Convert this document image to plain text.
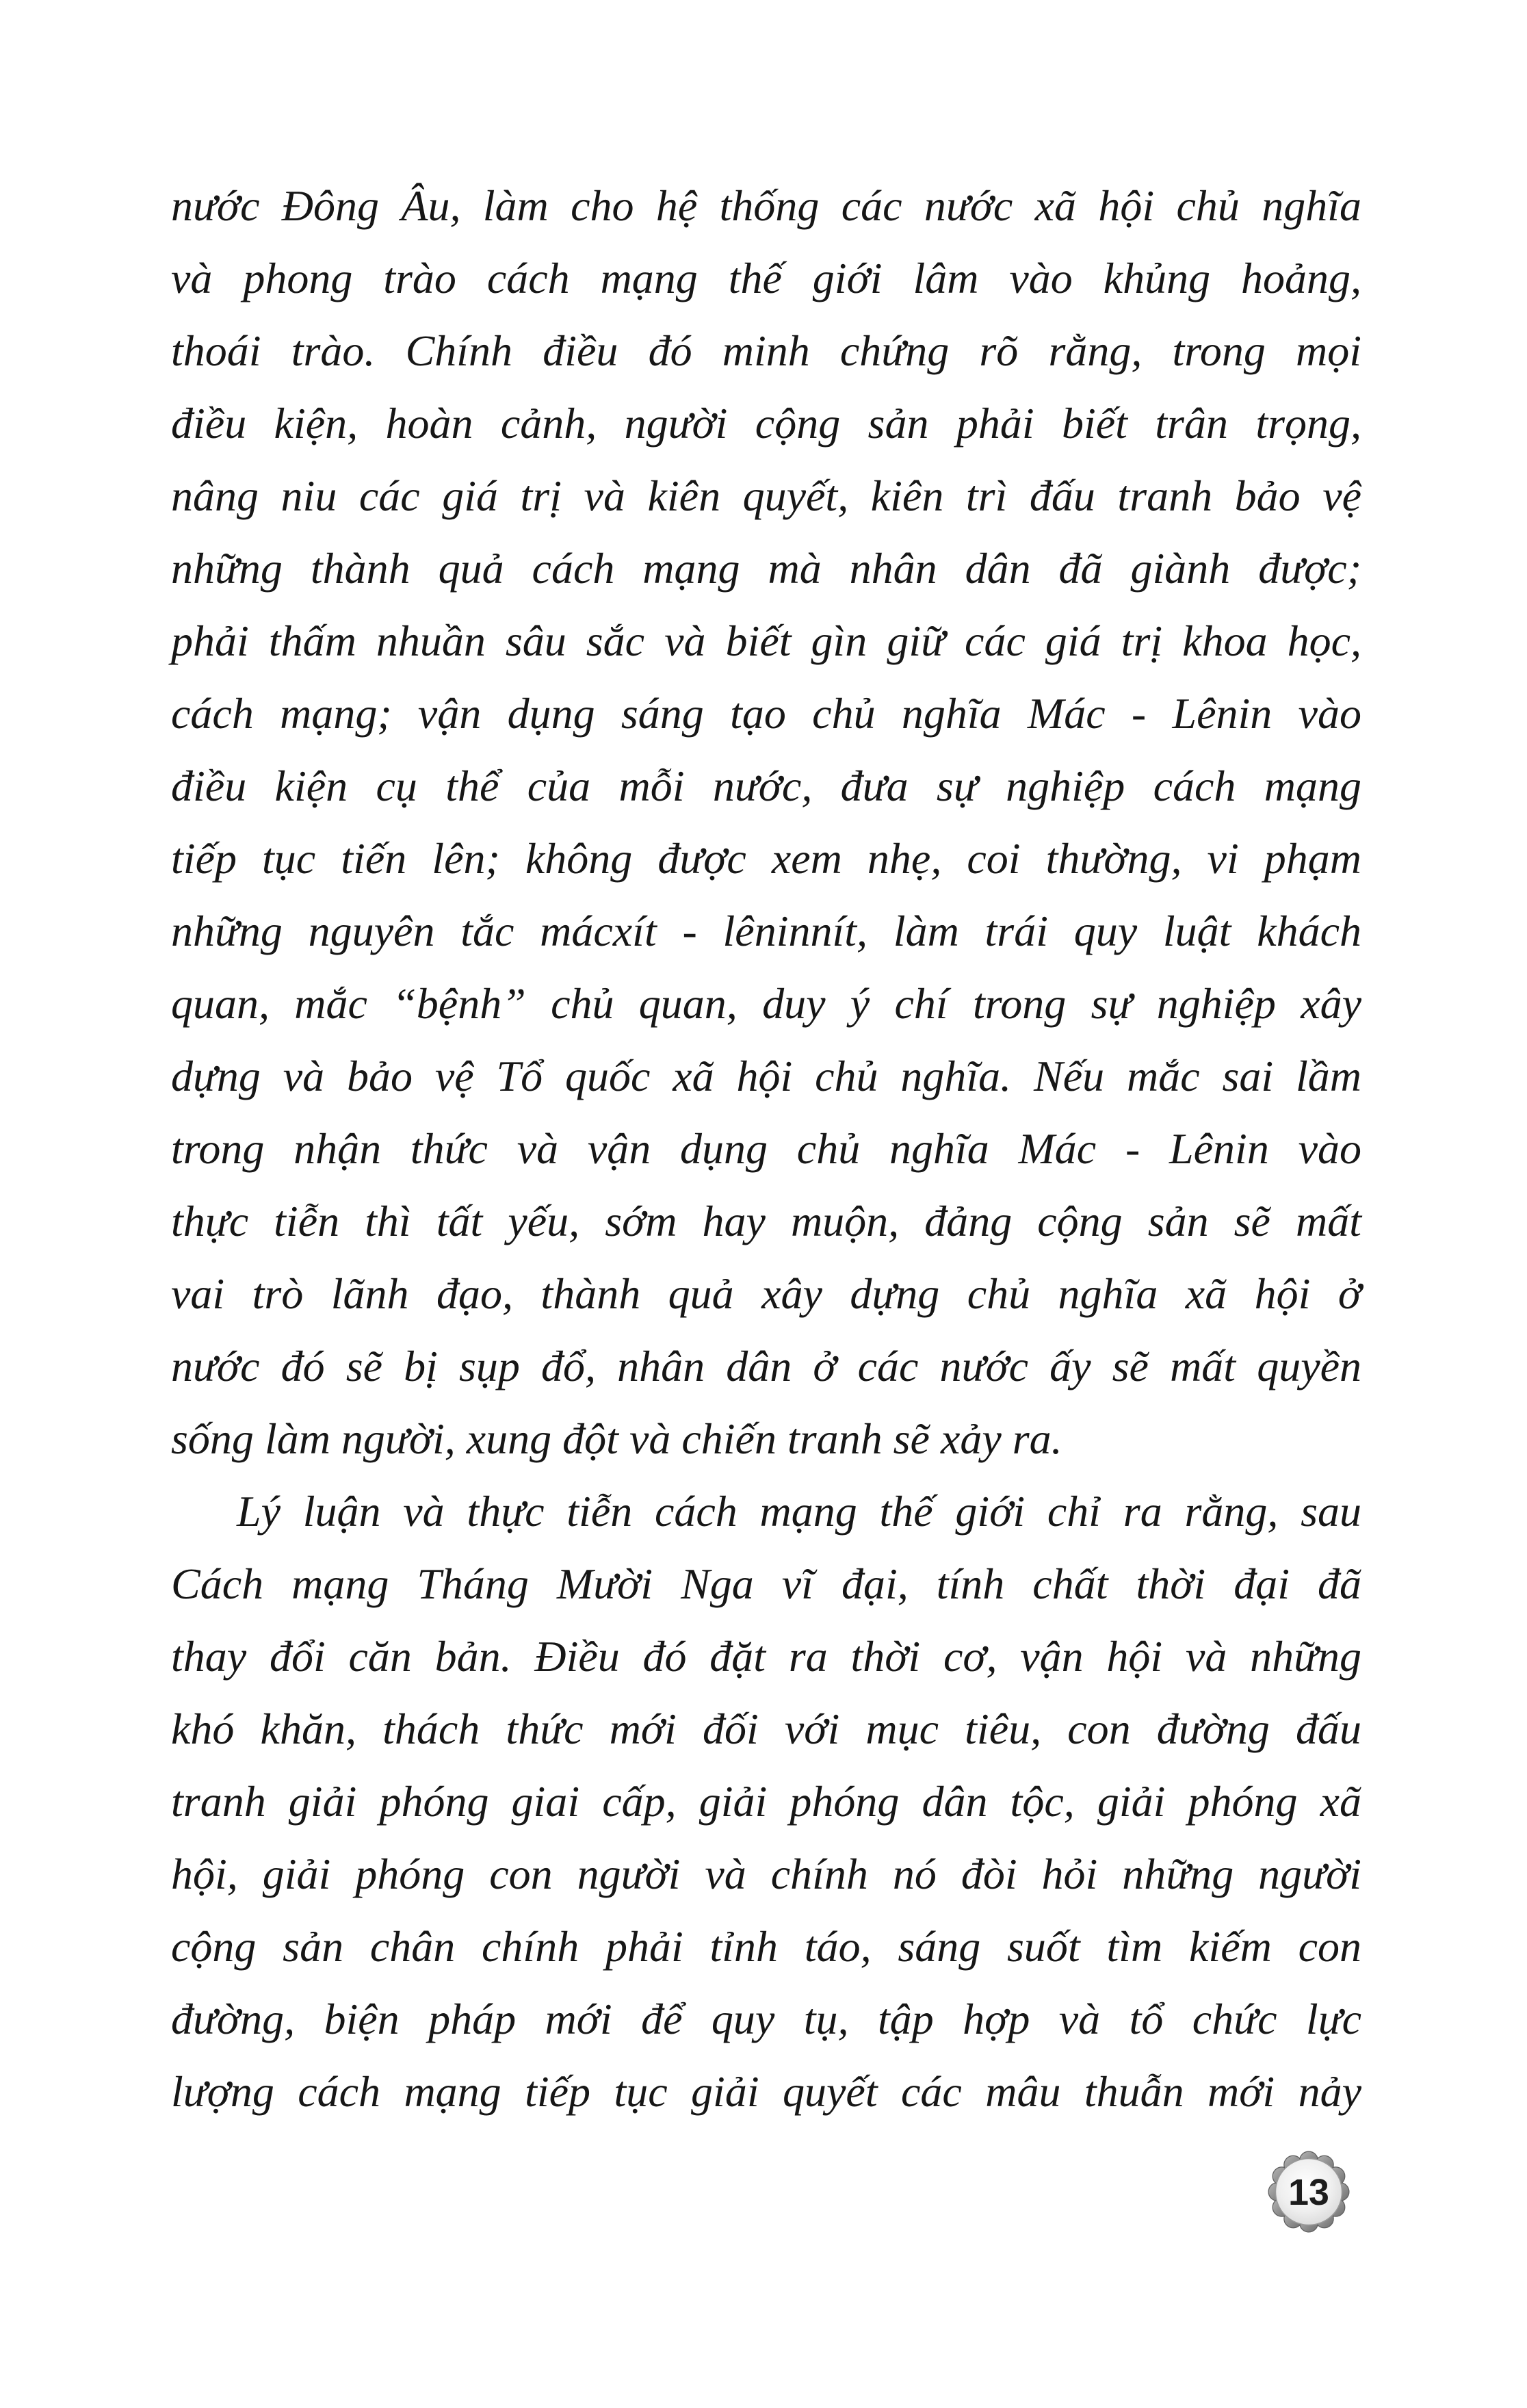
nước Đông Âu, làm cho hệ thống các nước xã hội chủ nghĩa
và phong trào cách mạng thế giới lâm vào khủng hoảng,
thoái trào. Chính điều đó minh chứng rõ rằng, trong mọi
điều kiện, hoàn cảnh, người cộng sản phải biết trân trọng,
nâng niu các giá trị và kiên quyết, kiên trì đấu tranh bảo vệ
những thành quả cách mạng mà nhân dân đã giành được;
phải thấm nhuần sâu sắc và biết gìn giữ các giá trị khoa học,
cách mạng; vận dụng sáng tạo chủ nghĩa Mác - Lênin vào
điều kiện cụ thể của mỗi nước, đưa sự nghiệp cách mạng
tiếp tục tiến lên; không được xem nhẹ, coi thường, vi phạm
những nguyên tắc mácxít - lêninnít, làm trái quy luật khách
quan, mắc “bệnh” chủ quan, duy ý chí trong sự nghiệp xây
dựng và bảo vệ Tổ quốc xã hội chủ nghĩa. Nếu mắc sai lầm
trong nhận thức và vận dụng chủ nghĩa Mác - Lênin vào
thực tiễn thì tất yếu, sớm hay muộn, đảng cộng sản sẽ mất
vai trò lãnh đạo, thành quả xây dựng chủ nghĩa xã hội ở
nước đó sẽ bị sụp đổ, nhân dân ở các nước ấy sẽ mất quyền
sống làm người, xung đột và chiến tranh sẽ xảy ra.
Lý luận và thực tiễn cách mạng thế giới chỉ ra rằng, sau
Cách mạng Tháng Mười Nga vĩ đại, tính chất thời đại đã
thay đổi căn bản. Điều đó đặt ra thời cơ, vận hội và những
khó khăn, thách thức mới đối với mục tiêu, con đường đấu
tranh giải phóng giai cấp, giải phóng dân tộc, giải phóng xã
hội, giải phóng con người và chính nó đòi hỏi những người
cộng sản chân chính phải tỉnh táo, sáng suốt tìm kiếm con
đường, biện pháp mới để quy tụ, tập hợp và tổ chức lực
lượng cách mạng tiếp tục giải quyết các mâu thuẫn mới nảy
13
